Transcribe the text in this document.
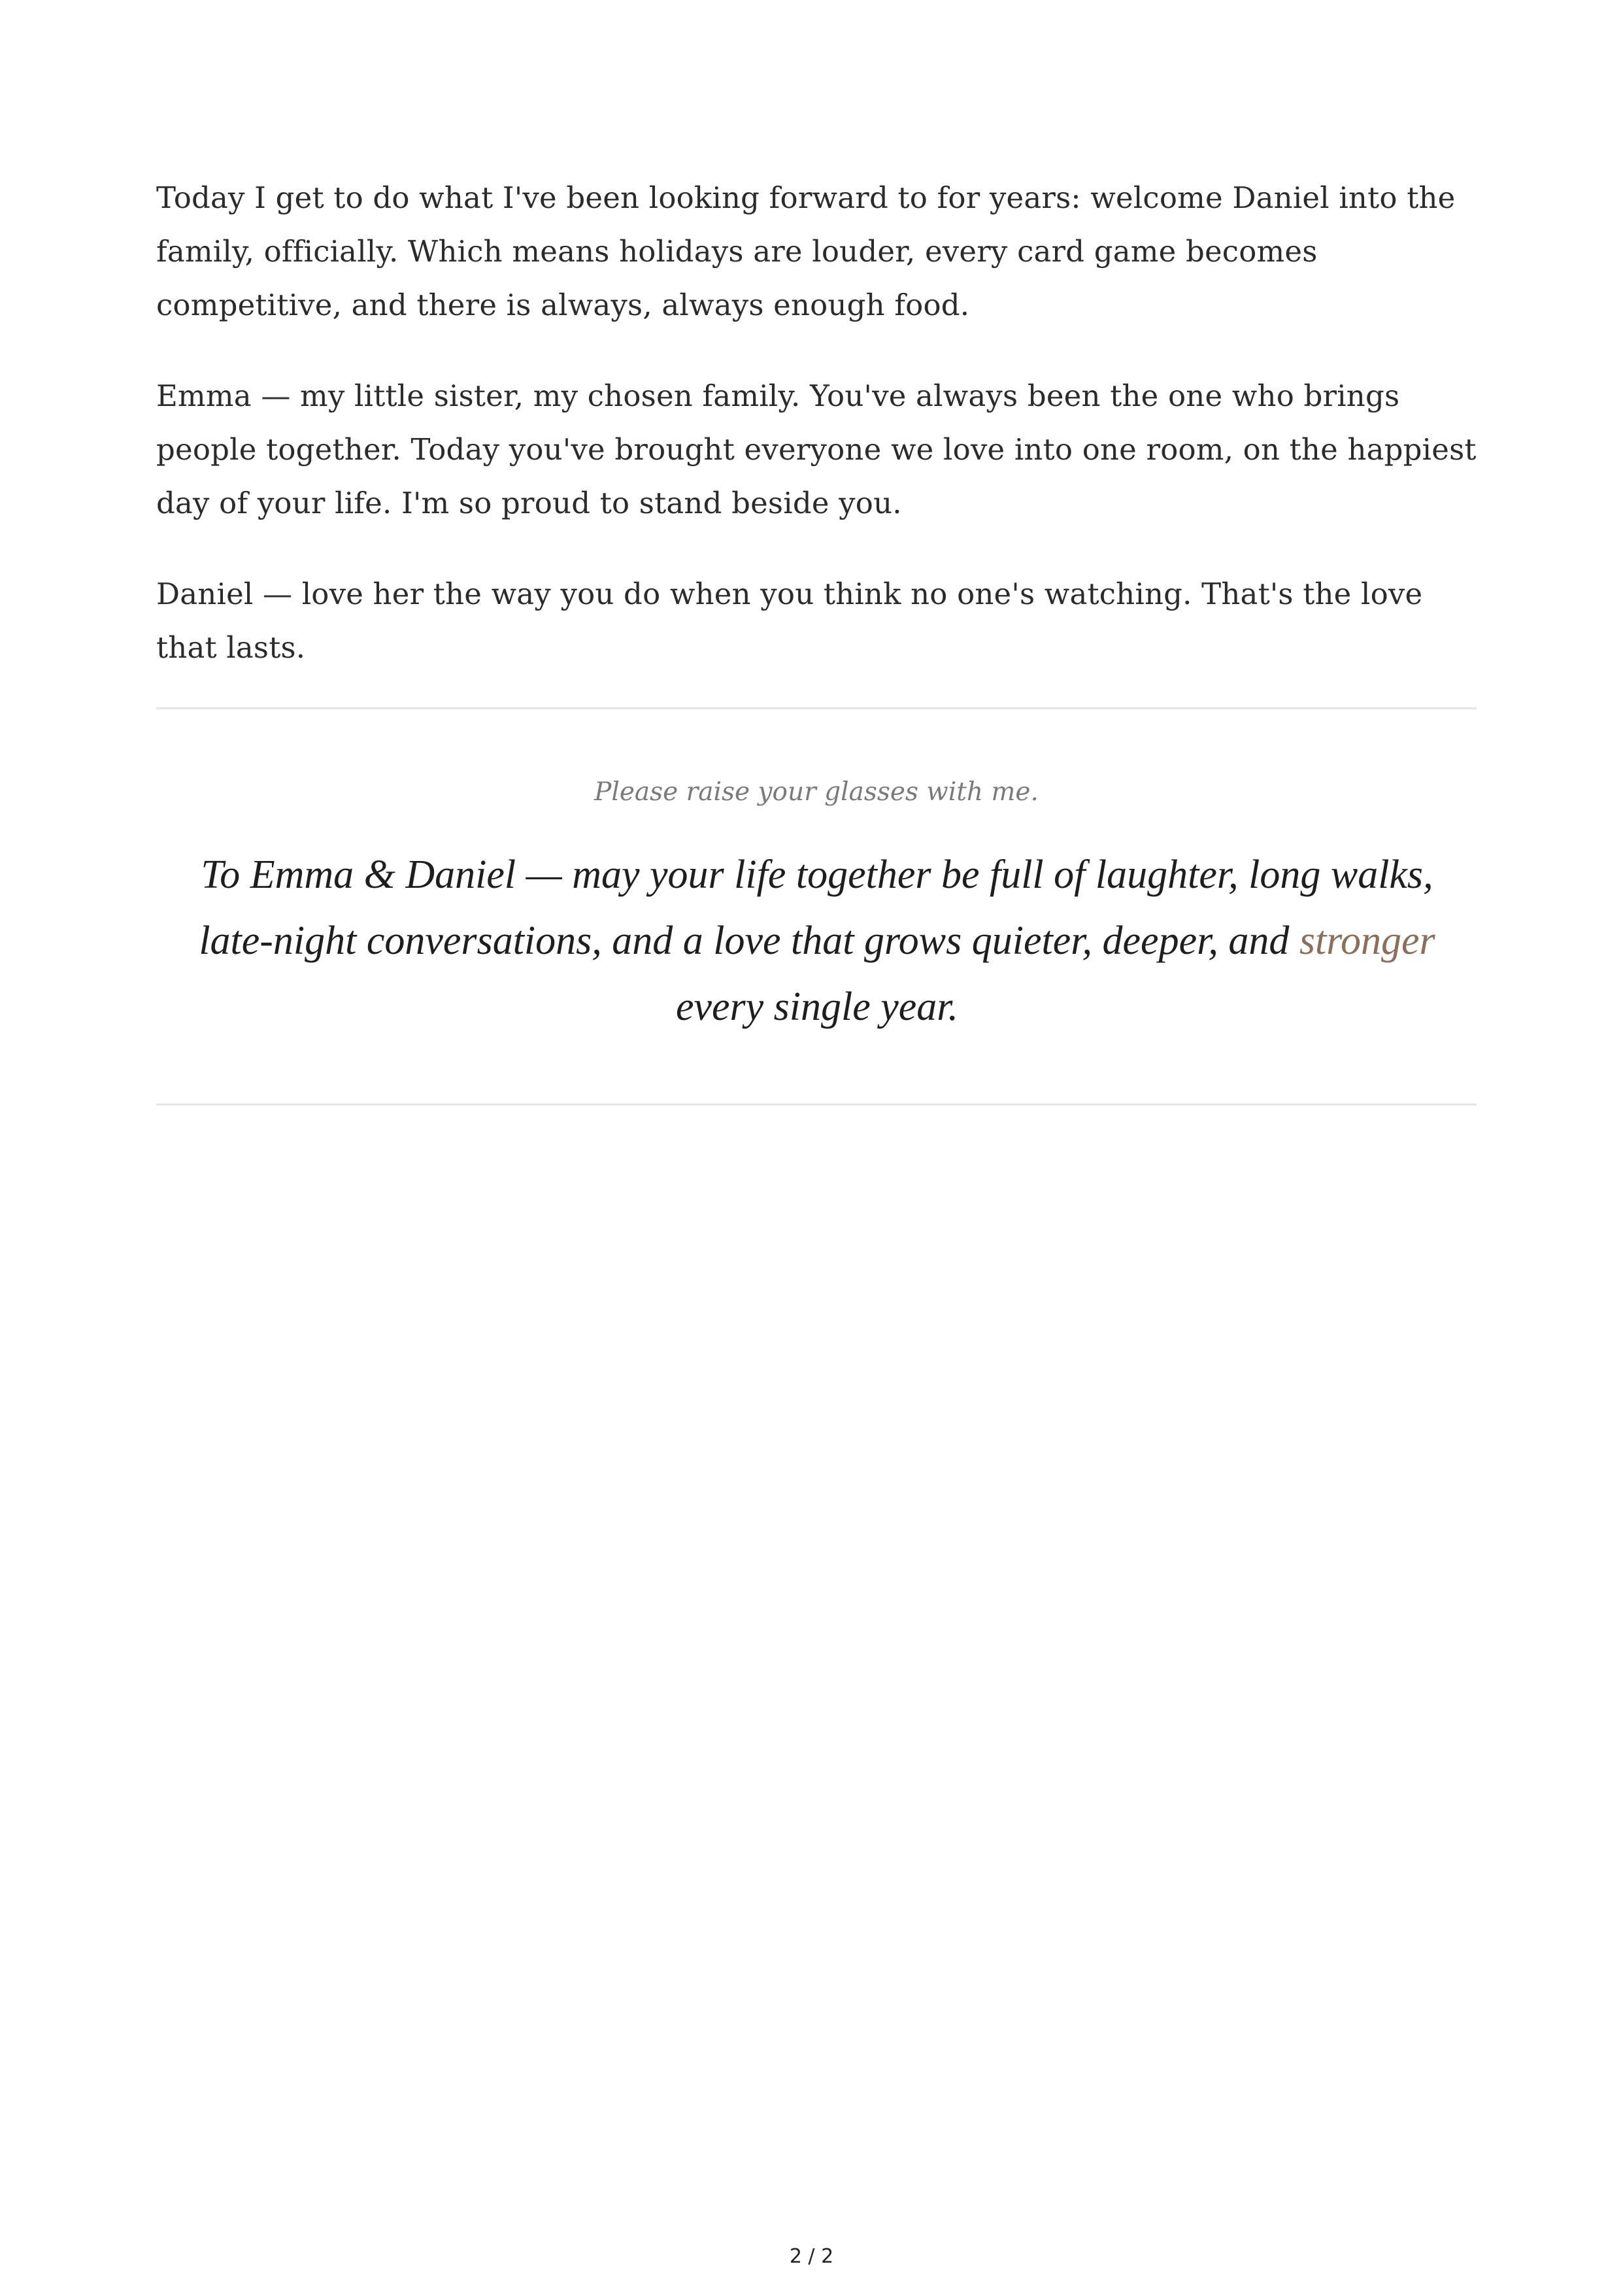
Today I get to do what I've been looking forward to for years: welcome Daniel into the family, officially. Which means holidays are louder, every card game becomes competitive, and there is always, always enough food.

Emma — my little sister, my chosen family. You've always been the one who brings people together. Today you've brought everyone we love into one room, on the happiest day of your life. I'm so proud to stand beside you.

Daniel — love her the way you do when you think no one's watching. That's the love that lasts.

Please raise your glasses with me.
To Emma & Daniel — may your life together be full of laughter, long walks, late-night conversations, and a love that grows quieter, deeper, and stronger every single year.
2 / 2
